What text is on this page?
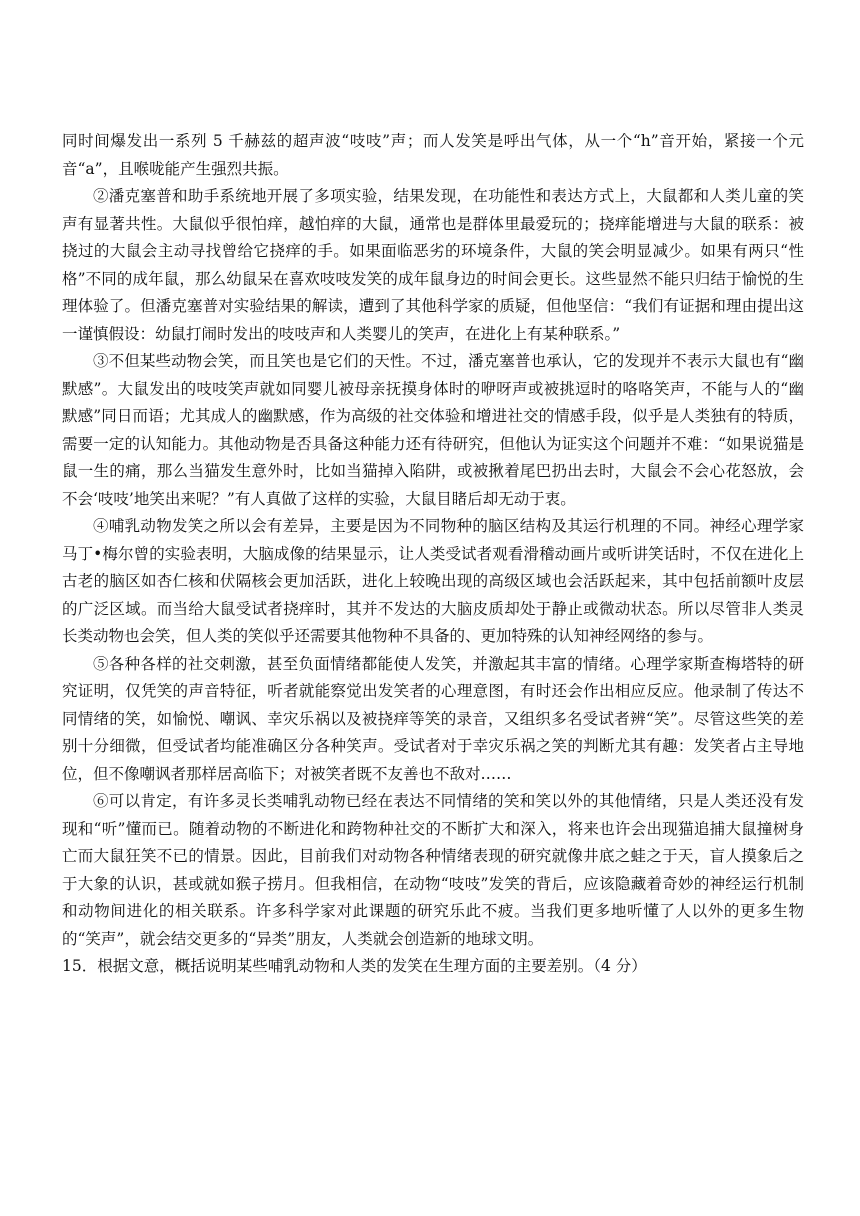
同时间爆发出一系列 5 千赫兹的超声波“吱吱”声；而人发笑是呼出气体，从一个“h”音开始，紧接一个元音“a”，且喉咙能产生强烈共振。

②潘克塞普和助手系统地开展了多项实验，结果发现，在功能性和表达方式上，大鼠都和人类儿童的笑声有显著共性。大鼠似乎很怕痒，越怕痒的大鼠，通常也是群体里最爱玩的；挠痒能增进与大鼠的联系：被挠过的大鼠会主动寻找曾给它挠痒的手。如果面临恶劣的环境条件，大鼠的笑会明显减少。如果有两只“性格”不同的成年鼠，那么幼鼠呆在喜欢吱吱发笑的成年鼠身边的时间会更长。这些显然不能只归结于愉悦的生理体验了。但潘克塞普对实验结果的解读，遭到了其他科学家的质疑，但他坚信：“我们有证据和理由提出这一谨慎假设：幼鼠打闹时发出的吱吱声和人类婴儿的笑声，在进化上有某种联系。”

③不但某些动物会笑，而且笑也是它们的天性。不过，潘克塞普也承认，它的发现并不表示大鼠也有“幽默感”。大鼠发出的吱吱笑声就如同婴儿被母亲抚摸身体时的咿呀声或被挑逗时的咯咯笑声，不能与人的“幽默感”同日而语；尤其成人的幽默感，作为高级的社交体验和增进社交的情感手段，似乎是人类独有的特质，需要一定的认知能力。其他动物是否具备这种能力还有待研究，但他认为证实这个问题并不难：“如果说猫是鼠一生的痛，那么当猫发生意外时，比如当猫掉入陷阱，或被揪着尾巴扔出去时，大鼠会不会心花怒放，会不会‘吱吱’地笑出来呢？”有人真做了这样的实验，大鼠目睹后却无动于衷。

④哺乳动物发笑之所以会有差异，主要是因为不同物种的脑区结构及其运行机理的不同。神经心理学家马丁•梅尔曾的实验表明，大脑成像的结果显示，让人类受试者观看滑稽动画片或听讲笑话时，不仅在进化上古老的脑区如杏仁核和伏隔核会更加活跃，进化上较晚出现的高级区域也会活跃起来，其中包括前额叶皮层的广泛区域。而当给大鼠受试者挠痒时，其并不发达的大脑皮质却处于静止或微动状态。所以尽管非人类灵长类动物也会笑，但人类的笑似乎还需要其他物种不具备的、更加特殊的认知神经网络的参与。

⑤各种各样的社交刺激，甚至负面情绪都能使人发笑，并激起其丰富的情绪。心理学家斯查梅塔特的研究证明，仅凭笑的声音特征，听者就能察觉出发笑者的心理意图，有时还会作出相应反应。他录制了传达不同情绪的笑，如愉悦、嘲讽、幸灾乐祸以及被挠痒等笑的录音，又组织多名受试者辨“笑”。尽管这些笑的差别十分细微，但受试者均能准确区分各种笑声。受试者对于幸灾乐祸之笑的判断尤其有趣：发笑者占主导地位，但不像嘲讽者那样居高临下；对被笑者既不友善也不敌对……

⑥可以肯定，有许多灵长类哺乳动物已经在表达不同情绪的笑和笑以外的其他情绪，只是人类还没有发现和“听”懂而已。随着动物的不断进化和跨物种社交的不断扩大和深入，将来也许会出现猫追捕大鼠撞树身亡而大鼠狂笑不已的情景。因此，目前我们对动物各种情绪表现的研究就像井底之蛙之于天，盲人摸象后之于大象的认识，甚或就如猴子捞月。但我相信，在动物“吱吱”发笑的背后，应该隐藏着奇妙的神经运行机制和动物间进化的相关联系。许多科学家对此课题的研究乐此不疲。当我们更多地听懂了人以外的更多生物的“笑声”，就会结交更多的“异类”朋友，人类就会创造新的地球文明。

15．根据文意，概括说明某些哺乳动物和人类的发笑在生理方面的主要差别。（4 分）
